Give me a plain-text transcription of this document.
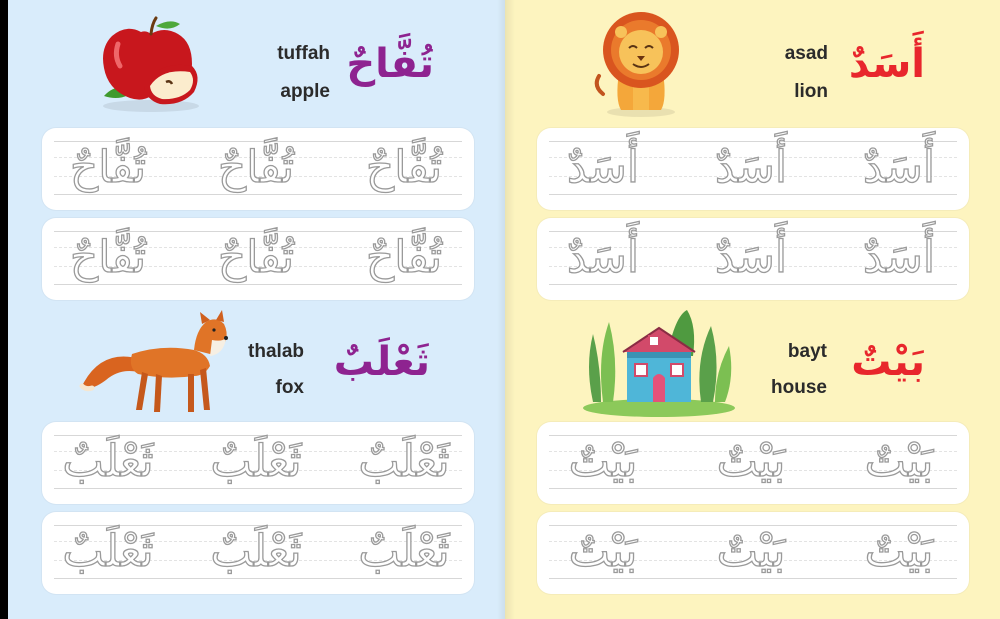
tuffah
apple
تُفَّاحٌ
تُفَّاحٌ
تُفَّاحٌ
تُفَّاحٌ
تُفَّاحٌ
تُفَّاحٌ
تُفَّاحٌ
thalab
fox
ثَعْلَبٌ
ثَعْلَبٌ
ثَعْلَبٌ
ثَعْلَبٌ
ثَعْلَبٌ
ثَعْلَبٌ
ثَعْلَبٌ
asad
lion
أَسَدٌ
أَسَدٌ
أَسَدٌ
أَسَدٌ
أَسَدٌ
أَسَدٌ
أَسَدٌ
bayt
house
بَيْتٌ
بَيْتٌ
بَيْتٌ
بَيْتٌ
بَيْتٌ
بَيْتٌ
بَيْتٌ
